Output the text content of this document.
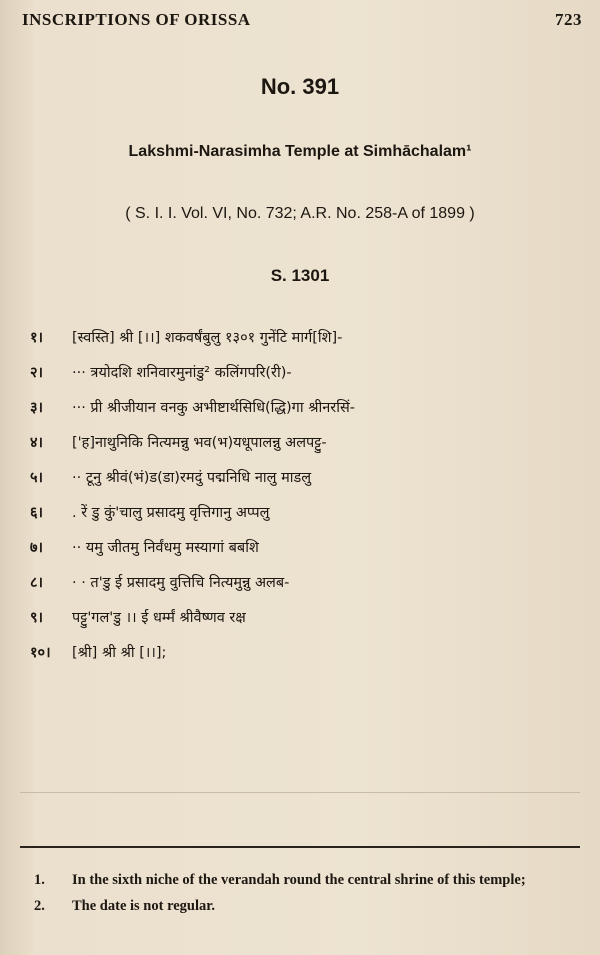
INSCRIPTIONS OF ORISSA	723
No. 391
Lakshmi-Narasimha Temple at Simhāchalam¹
( S. I. I. Vol. VI, No. 732; A.R. No. 258-A of 1899 )
S. 1301
१।	[स्वस्ति] श्री [।।] शकवर्षंबुलु १३०१ गुनेंटि मार्ग[शि]-
२।	··· त्रयोदशि शनिवारमुनांडु² कलिंगपरि(री)-
३।	··· प्री श्रीजीयान वनकु अभीष्टार्थसिधि(द्धि)गा श्रीनरसिं-
४।	['ह]नाथुनिकि नित्यमन्नु भव(भ)यधूपालन्नु अलपट्टु-
५।	·· टूनु श्रीवं(भं)ड(डा)रमदुं पद्मनिधि नालु माडलु
६।	. रें डु कुं'चालु प्रसादमु वृत्तिगानु अप्पलु
७।	·· यमु जीतमु निर्वंधमु मस्यागां बबशि
८।	· · त'डु ई प्रसादमु वुत्तिचि नित्यमुन्नु अलब-
९।	पट्टु'गल'डु ।। ई धर्म्मं श्रीवैष्णव रक्ष
१०।	[श्री] श्री श्री [।।];
1.	In the sixth niche of the verandah round the central shrine of this temple;
2.	The date is not regular.
